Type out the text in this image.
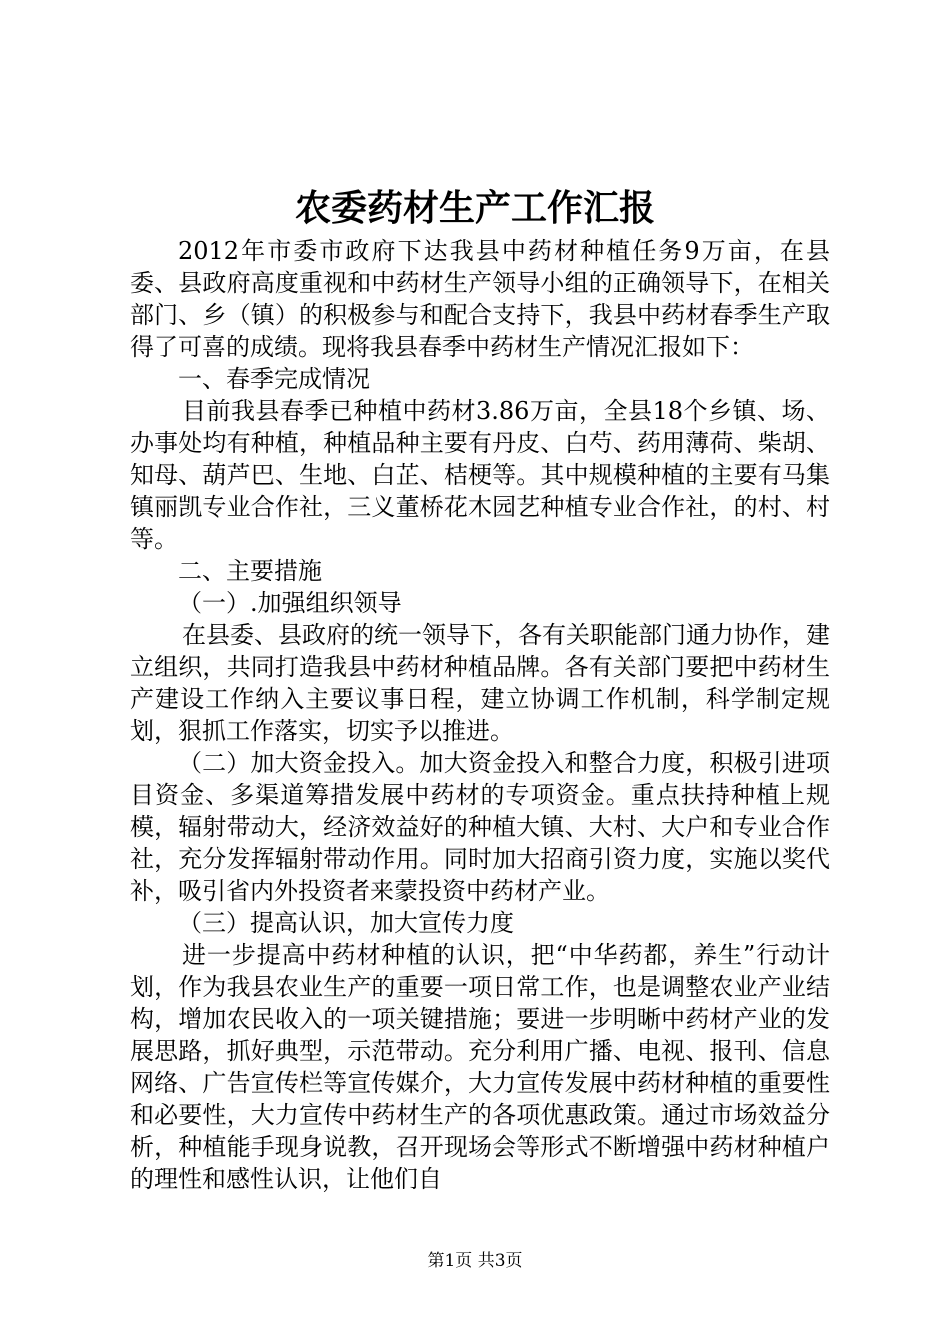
农委药材生产工作汇报

2012年市委市政府下达我县中药材种植任务9万亩，在县委、县政府高度重视和中药材生产领导小组的正确领导下，在相关部门、乡（镇）的积极参与和配合支持下，我县中药材春季生产取得了可喜的成绩。现将我县春季中药材生产情况汇报如下：

一、春季完成情况

目前我县春季已种植中药材3.86万亩，全县18个乡镇、场、办事处均有种植，种植品种主要有丹皮、白芍、药用薄荷、柴胡、知母、葫芦巴、生地、白芷、桔梗等。其中规模种植的主要有马集镇丽凯专业合作社，三义董桥花木园艺种植专业合作社，的村、村等。

二、主要措施

（一）.加强组织领导

在县委、县政府的统一领导下，各有关职能部门通力协作，建立组织，共同打造我县中药材种植品牌。各有关部门要把中药材生产建设工作纳入主要议事日程，建立协调工作机制，科学制定规划，狠抓工作落实，切实予以推进。

（二）加大资金投入。加大资金投入和整合力度，积极引进项目资金、多渠道筹措发展中药材的专项资金。重点扶持种植上规模，辐射带动大，经济效益好的种植大镇、大村、大户和专业合作社，充分发挥辐射带动作用。同时加大招商引资力度，实施以奖代补，吸引省内外投资者来蒙投资中药材产业。

（三）提高认识，加大宣传力度

进一步提高中药材种植的认识，把“中华药都，养生”行动计划，作为我县农业生产的重要一项日常工作，也是调整农业产业结构，增加农民收入的一项关键措施；要进一步明晰中药材产业的发展思路，抓好典型，示范带动。充分利用广播、电视、报刊、信息网络、广告宣传栏等宣传媒介，大力宣传发展中药材种植的重要性和必要性，大力宣传中药材生产的各项优惠政策。通过市场效益分析，种植能手现身说教，召开现场会等形式不断增强中药材种植户的理性和感性认识，让他们自

第1页 共3页
